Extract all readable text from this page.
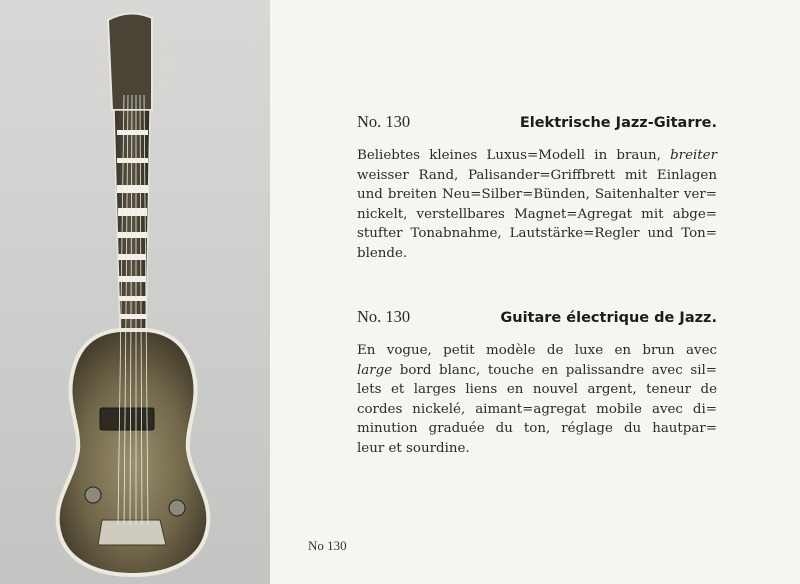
No 130
No. 130	Elektrische Jazz-Gitarre.
Beliebtes kleines Luxus=Modell in braun, breiter
weisser Rand, Palisander=Griffbrett mit Einlagen
und breiten Neu=Silber=Bünden, Saitenhalter ver=
nickelt, verstellbares Magnet=Agregat mit abge=
stufter Tonabnahme, Lautstärke=Regler und Ton=
blende.
No. 130	Guitare électrique de Jazz.
En vogue, petit modèle de luxe en brun avec
large bord blanc, touche en palissandre avec sil=
lets et larges liens en nouvel argent, teneur de
cordes nickelé, aimant=agregat mobile avec di=
minution graduée du ton, réglage du hautpar=
leur et sourdine.
